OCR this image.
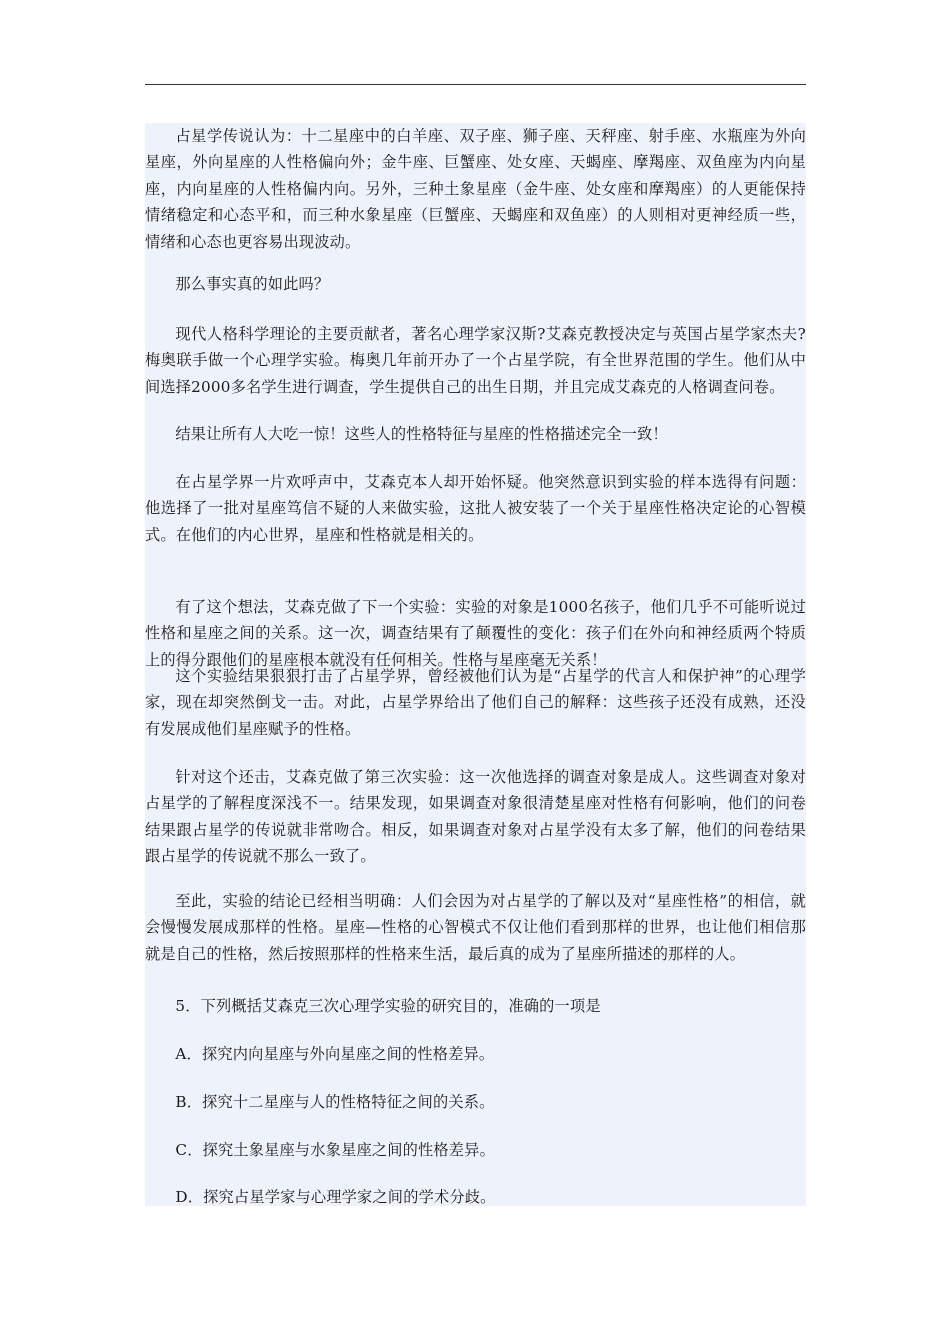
占星学传说认为：十二星座中的白羊座、双子座、狮子座、天秤座、射手座、水瓶座为外向星座，外向星座的人性格偏向外；金牛座、巨蟹座、处女座、天蝎座、摩羯座、双鱼座为内向星座，内向星座的人性格偏内向。另外，三种土象星座（金牛座、处女座和摩羯座）的人更能保持情绪稳定和心态平和，而三种水象星座（巨蟹座、天蝎座和双鱼座）的人则相对更神经质一些，情绪和心态也更容易出现波动。

那么事实真的如此吗？

现代人格科学理论的主要贡献者，著名心理学家汉斯?艾森克教授决定与英国占星学家杰夫?梅奥联手做一个心理学实验。梅奥几年前开办了一个占星学院，有全世界范围的学生。他们从中间选择2000多名学生进行调查，学生提供自己的出生日期，并且完成艾森克的人格调查问卷。

结果让所有人大吃一惊！这些人的性格特征与星座的性格描述完全一致！

在占星学界一片欢呼声中，艾森克本人却开始怀疑。他突然意识到实验的样本选得有问题：他选择了一批对星座笃信不疑的人来做实验，这批人被安装了一个关于星座性格决定论的心智模式。在他们的内心世界，星座和性格就是相关的。

有了这个想法，艾森克做了下一个实验：实验的对象是1000名孩子，他们几乎不可能听说过性格和星座之间的关系。这一次，调查结果有了颠覆性的变化：孩子们在外向和神经质两个特质上的得分跟他们的星座根本就没有任何相关。性格与星座毫无关系！

这个实验结果狠狠打击了占星学界，曾经被他们认为是“占星学的代言人和保护神”的心理学家，现在却突然倒戈一击。对此，占星学界给出了他们自己的解释：这些孩子还没有成熟，还没有发展成他们星座赋予的性格。

针对这个还击，艾森克做了第三次实验：这一次他选择的调查对象是成人。这些调查对象对占星学的了解程度深浅不一。结果发现，如果调查对象很清楚星座对性格有何影响，他们的问卷结果跟占星学的传说就非常吻合。相反，如果调查对象对占星学没有太多了解，他们的问卷结果跟占星学的传说就不那么一致了。

至此，实验的结论已经相当明确：人们会因为对占星学的了解以及对“星座性格”的相信，就会慢慢发展成那样的性格。星座—性格的心智模式不仅让他们看到那样的世界，也让他们相信那就是自己的性格，然后按照那样的性格来生活，最后真的成为了星座所描述的那样的人。

5．下列概括艾森克三次心理学实验的研究目的，准确的一项是

A．探究内向星座与外向星座之间的性格差异。

B．探究十二星座与人的性格特征之间的关系。

C．探究土象星座与水象星座之间的性格差异。

D．探究占星学家与心理学家之间的学术分歧。
